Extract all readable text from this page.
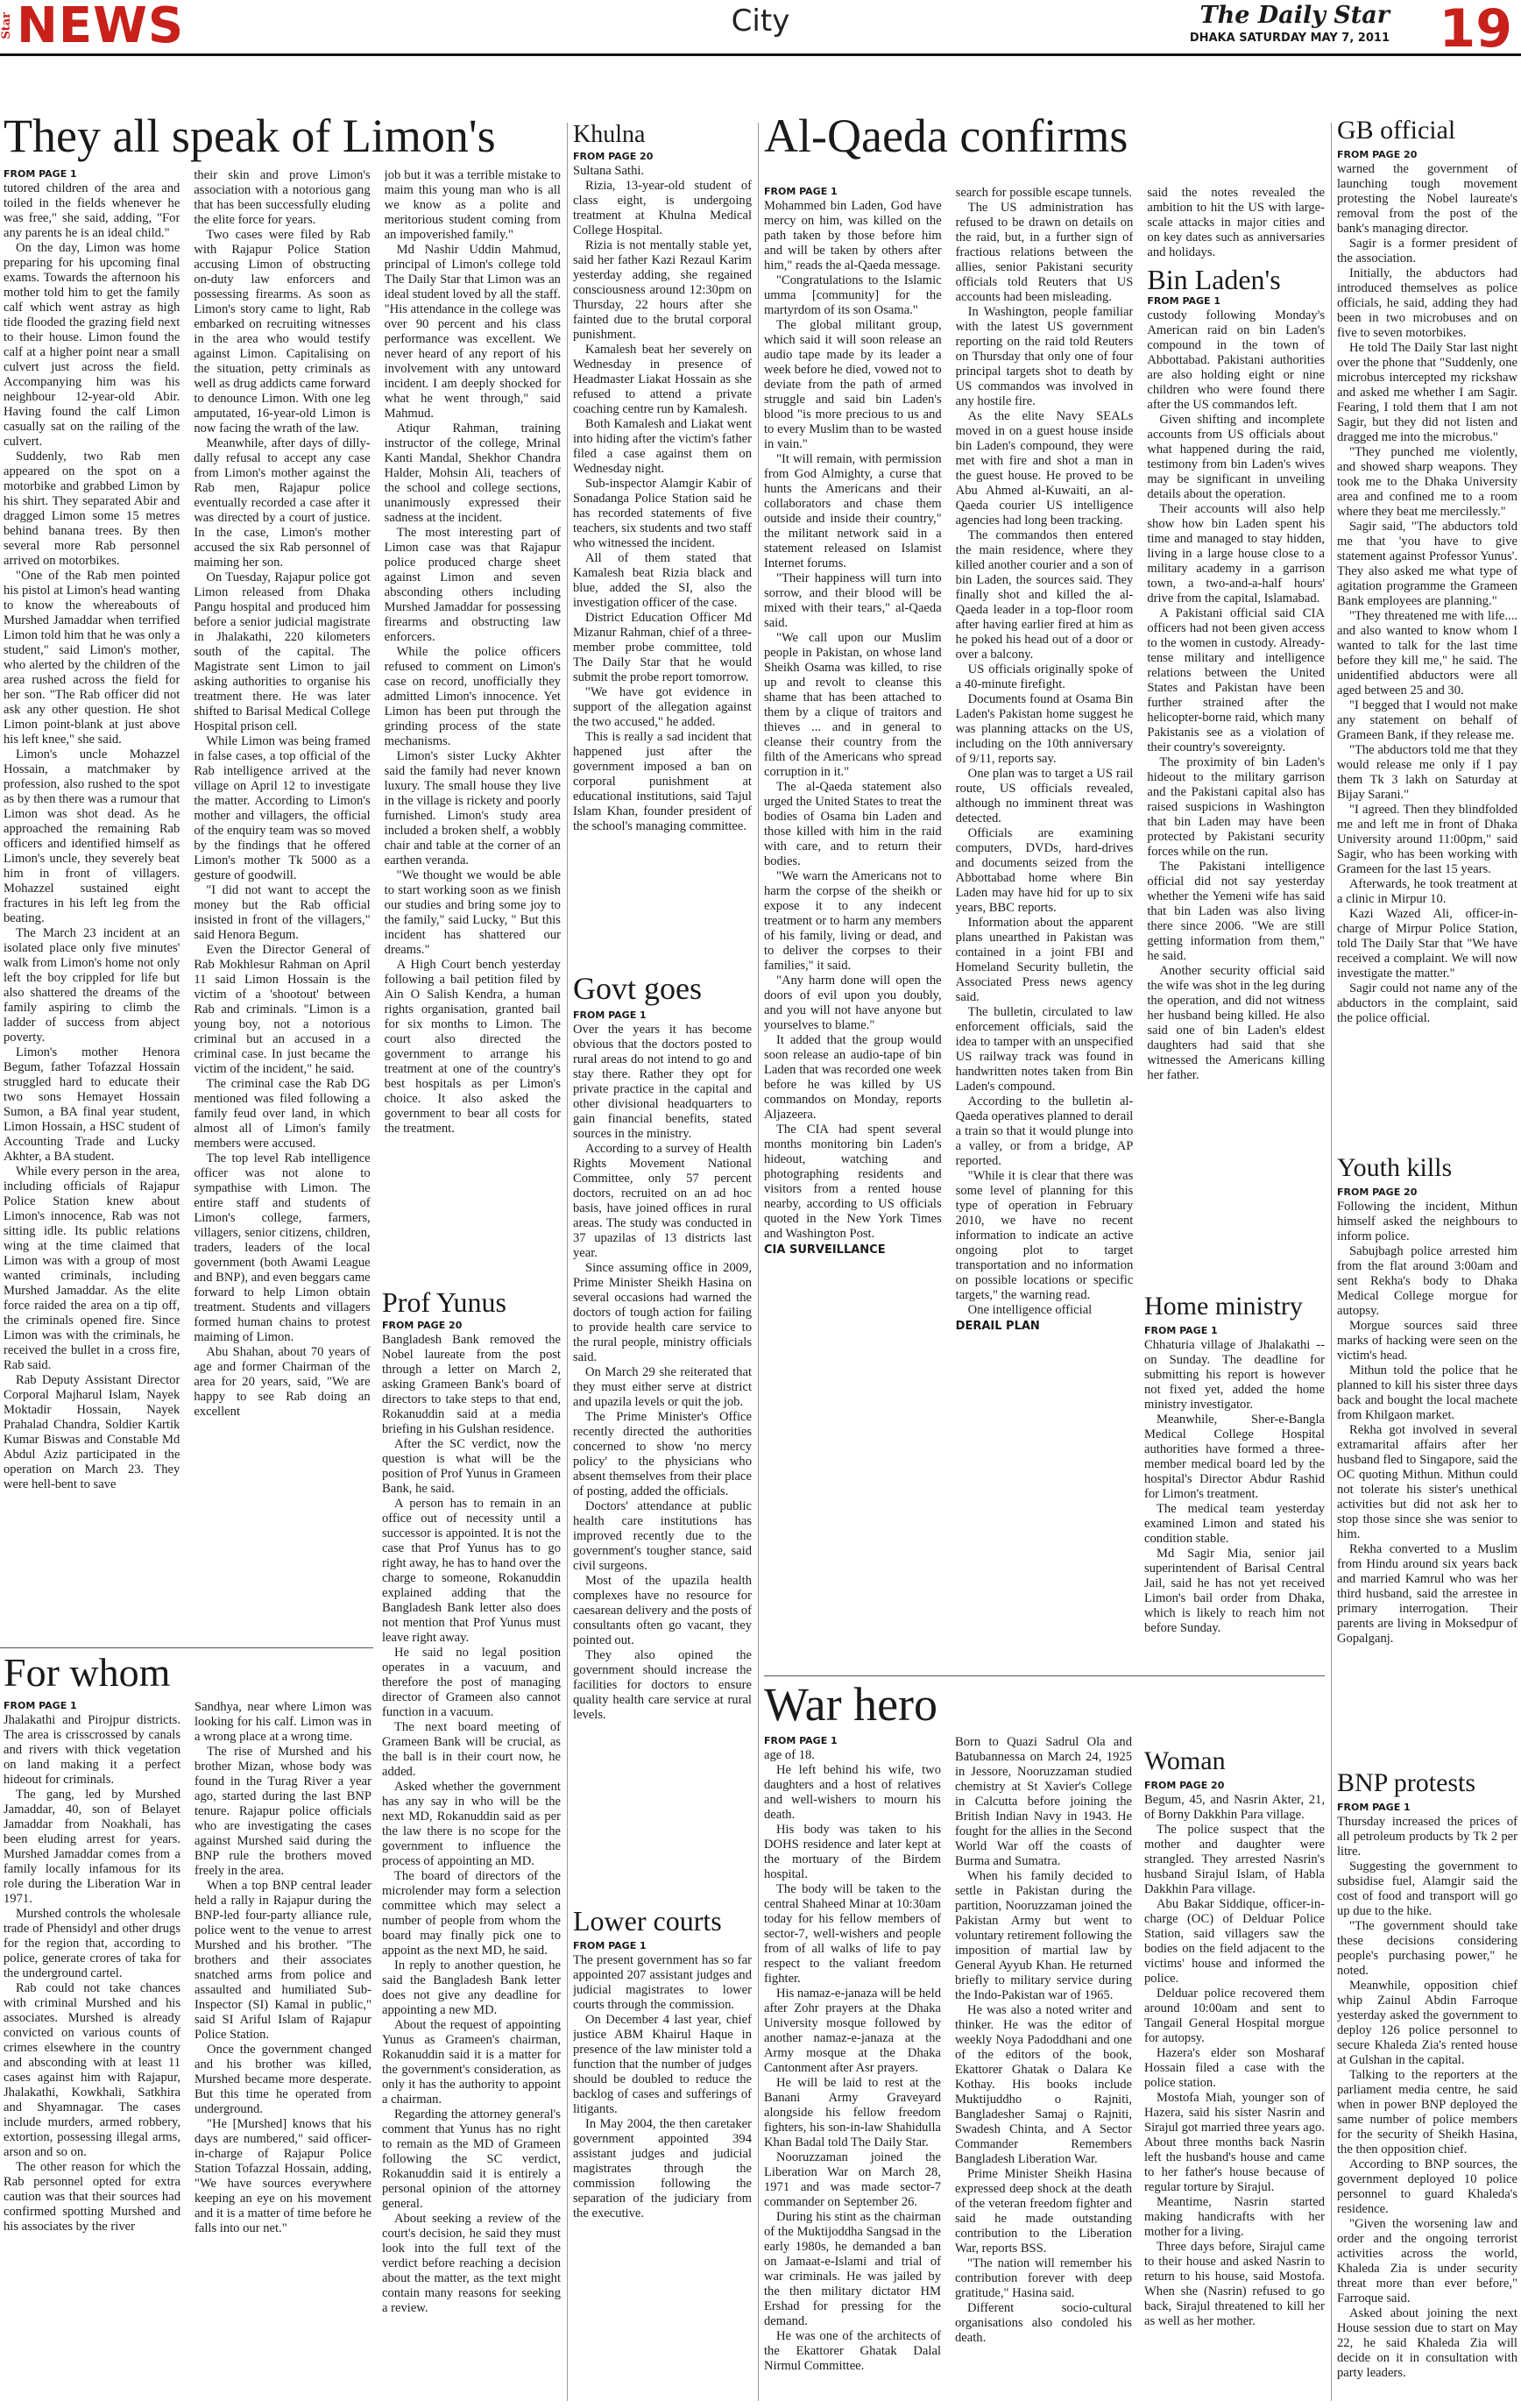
Star NEWS	City	The Daily Star
DHAKA SATURDAY MAY 7, 2011 19
They all speak of Limon's
FROM PAGE 1

tutored children of the area and toiled in the fields whenever he was free," she said, adding, "For any parents he is an ideal child."

On the day, Limon was home preparing for his upcoming final exams. Towards the afternoon his mother told him to get the family calf which went astray as high tide flooded the grazing field next to their house. Limon found the calf at a higher point near a small culvert just across the field. Accompanying him was his neighbour 12-year-old Abir. Having found the calf Limon casually sat on the railing of the culvert.

Suddenly, two Rab men appeared on the spot on a motorbike and grabbed Limon by his shirt. They separated Abir and dragged Limon some 15 metres behind banana trees. By then several more Rab personnel arrived on motorbikes.

"One of the Rab men pointed his pistol at Limon's head wanting to know the whereabouts of Murshed Jamaddar when terrified Limon told him that he was only a student," said Limon's mother, who alerted by the children of the area rushed across the field for her son. "The Rab officer did not ask any other question. He shot Limon point-blank at just above his left knee," she said.

Limon's uncle Mohazzel Hossain, a matchmaker by profession, also rushed to the spot as by then there was a rumour that Limon was shot dead. As he approached the remaining Rab officers and identified himself as Limon's uncle, they severely beat him in front of villagers. Mohazzel sustained eight fractures in his left leg from the beating.

The March 23 incident at an isolated place only five minutes' walk from Limon's home not only left the boy crippled for life but also shattered the dreams of the family aspiring to climb the ladder of success from abject poverty.

Limon's mother Henora Begum, father Tofazzal Hossain struggled hard to educate their two sons Hemayet Hossain Sumon, a BA final year student, Limon Hossain, a HSC student of Accounting Trade and Lucky Akhter, a BA student.

While every person in the area, including officials of Rajapur Police Station knew about Limon's innocence, Rab was not sitting idle. Its public relations wing at the time claimed that Limon was with a group of most wanted criminals, including Murshed Jamaddar. As the elite force raided the area on a tip off, the criminals opened fire. Since Limon was with the criminals, he received the bullet in a cross fire, Rab said.

Rab Deputy Assistant Director Corporal Majharul Islam, Nayek Moktadir Hossain, Nayek Prahalad Chandra, Soldier Kartik Kumar Biswas and Constable Md Abdul Aziz participated in the operation on March 23. They were hell-bent to save

their skin and prove Limon's association with a notorious gang that has been successfully eluding the elite force for years.

Two cases were filed by Rab with Rajapur Police Station accusing Limon of obstructing on-duty law enforcers and possessing firearms. As soon as Limon's story came to light, Rab embarked on recruiting witnesses in the area who would testify against Limon. Capitalising on the situation, petty criminals as well as drug addicts came forward to denounce Limon. With one leg amputated, 16-year-old Limon is now facing the wrath of the law.

Meanwhile, after days of dilly-dally refusal to accept any case from Limon's mother against the Rab men, Rajapur police eventually recorded a case after it was directed by a court of justice. In the case, Limon's mother accused the six Rab personnel of maiming her son.

On Tuesday, Rajapur police got Limon released from Dhaka Pangu hospital and produced him before a senior judicial magistrate in Jhalakathi, 220 kilometers south of the capital. The Magistrate sent Limon to jail asking authorities to organise his treatment there. He was later shifted to Barisal Medical College Hospital prison cell.

While Limon was being framed in false cases, a top official of the Rab intelligence arrived at the village on April 12 to investigate the matter. According to Limon's mother and villagers, the official of the enquiry team was so moved by the findings that he offered Limon's mother Tk 5000 as a gesture of goodwill.

"I did not want to accept the money but the Rab official insisted in front of the villagers," said Henora Begum.

Even the Director General of Rab Mokhlesur Rahman on April 11 said Limon Hossain is the victim of a 'shootout' between Rab and criminals. "Limon is a young boy, not a notorious criminal but an accused in a criminal case. In just became the victim of the incident," he said.

The criminal case the Rab DG mentioned was filed following a family feud over land, in which almost all of Limon's family members were accused.

The top level Rab intelligence officer was not alone to sympathise with Limon. The entire staff and students of Limon's college, farmers, villagers, senior citizens, children, traders, leaders of the local government (both Awami League and BNP), and even beggars came forward to help Limon obtain treatment. Students and villagers formed human chains to protest maiming of Limon.

Abu Shahan, about 70 years of age and former Chairman of the area for 20 years, said, "We are happy to see Rab doing an excellent

job but it was a terrible mistake to maim this young man who is all we know as a polite and meritorious student coming from an impoverished family."

Md Nashir Uddin Mahmud, principal of Limon's college told The Daily Star that Limon was an ideal student loved by all the staff. "His attendance in the college was over 90 percent and his class performance was excellent. We never heard of any report of his involvement with any untoward incident. I am deeply shocked for what he went through," said Mahmud.

Atiqur Rahman, training instructor of the college, Mrinal Kanti Mandal, Shekhor Chandra Halder, Mohsin Ali, teachers of the school and college sections, unanimously expressed their sadness at the incident.

The most interesting part of Limon case was that Rajapur police produced charge sheet against Limon and seven absconding others including Murshed Jamaddar for possessing firearms and obstructing law enforcers.

While the police officers refused to comment on Limon's case on record, unofficially they admitted Limon's innocence. Yet Limon has been put through the grinding process of the state mechanisms.

Limon's sister Lucky Akhter said the family had never known luxury. The small house they live in the village is rickety and poorly furnished. Limon's study area included a broken shelf, a wobbly chair and table at the corner of an earthen veranda.

"We thought we would be able to start working soon as we finish our studies and bring some joy to the family," said Lucky, " But this incident has shattered our dreams."

A High Court bench yesterday following a bail petition filed by Ain O Salish Kendra, a human rights organisation, granted bail for six months to Limon. The court also directed the government to arrange his treatment at one of the country's best hospitals as per Limon's choice. It also asked the government to bear all costs for the treatment.

Prof Yunus
FROM PAGE 20

Bangladesh Bank removed the Nobel laureate from the post through a letter on March 2, asking Grameen Bank's board of directors to take steps to that end, Rokanuddin said at a media briefing in his Gulshan residence.

After the SC verdict, now the question is what will be the position of Prof Yunus in Grameen Bank, he said.

A person has to remain in an office out of necessity until a successor is appointed. It is not the case that Prof Yunus has to go right away, he has to hand over the charge to someone, Rokanuddin explained adding that the Bangladesh Bank letter also does not mention that Prof Yunus must leave right away.

He said no legal position operates in a vacuum, and therefore the post of managing director of Grameen also cannot function in a vacuum.

The next board meeting of Grameen Bank will be crucial, as the ball is in their court now, he added.

Asked whether the government has any say in who will be the next MD, Rokanuddin said as per the law there is no scope for the government to influence the process of appointing an MD.

The board of directors of the microlender may form a selection committee which may select a number of people from whom the board may finally pick one to appoint as the next MD, he said.

In reply to another question, he said the Bangladesh Bank letter does not give any deadline for appointing a new MD.

About the request of appointing Yunus as Grameen's chairman, Rokanuddin said it is a matter for the government's consideration, as only it has the authority to appoint a chairman.

Regarding the attorney general's comment that Yunus has no right to remain as the MD of Grameen following the SC verdict, Rokanuddin said it is entirely a personal opinion of the attorney general.

About seeking a review of the court's decision, he said they must look into the full text of the verdict before reaching a decision about the matter, as the text might contain many reasons for seeking a review.

For whom
FROM PAGE 1

Jhalakathi and Pirojpur districts. The area is crisscrossed by canals and rivers with thick vegetation on land making it a perfect hideout for criminals.

The gang, led by Murshed Jamaddar, 40, son of Belayet Jamaddar from Noakhali, has been eluding arrest for years. Murshed Jamaddar comes from a family locally infamous for its role during the Liberation War in 1971.

Murshed controls the wholesale trade of Phensidyl and other drugs for the region that, according to police, generate crores of taka for the underground cartel.

Rab could not take chances with criminal Murshed and his associates. Murshed is already convicted on various counts of crimes elsewhere in the country and absconding with at least 11 cases against him with Rajapur, Jhalakathi, Kowkhali, Satkhira and Shyamnagar. The cases include murders, armed robbery, extortion, possessing illegal arms, arson and so on.

The other reason for which the Rab personnel opted for extra caution was that their sources had confirmed spotting Murshed and his associates by the river

Sandhya, near where Limon was looking for his calf. Limon was in a wrong place at a wrong time.

The rise of Murshed and his brother Mizan, whose body was found in the Turag River a year ago, started during the last BNP tenure. Rajapur police officials who are investigating the cases against Murshed said during the BNP rule the brothers moved freely in the area.

When a top BNP central leader held a rally in Rajapur during the BNP-led four-party alliance rule, police went to the venue to arrest Murshed and his brother. "The brothers and their associates snatched arms from police and assaulted and humiliated Sub-Inspector (SI) Kamal in public," said SI Ariful Islam of Rajapur Police Station.

Once the government changed and his brother was killed, Murshed became more desperate. But this time he operated from underground.

"He [Murshed] knows that his days are numbered," said officer-in-charge of Rajapur Police Station Tofazzal Hossain, adding, "We have sources everywhere keeping an eye on his movement and it is a matter of time before he falls into our net."

Khulna
FROM PAGE 20

Sultana Sathi.

Rizia, 13-year-old student of class eight, is undergoing treatment at Khulna Medical College Hospital.

Rizia is not mentally stable yet, said her father Kazi Rezaul Karim yesterday adding, she regained consciousness around 12:30pm on Thursday, 22 hours after she fainted due to the brutal corporal punishment.

Kamalesh beat her severely on Wednesday in presence of Headmaster Liakat Hossain as she refused to attend a private coaching centre run by Kamalesh.

Both Kamalesh and Liakat went into hiding after the victim's father filed a case against them on Wednesday night.

Sub-inspector Alamgir Kabir of Sonadanga Police Station said he has recorded statements of five teachers, six students and two staff who witnessed the incident.

All of them stated that Kamalesh beat Rizia black and blue, added the SI, also the investigation officer of the case.

District Education Officer Md Mizanur Rahman, chief of a three-member probe committee, told The Daily Star that he would submit the probe report tomorrow.

"We have got evidence in support of the allegation against the two accused," he added.

This is really a sad incident that happened just after the government imposed a ban on corporal punishment at educational institutions, said Tajul Islam Khan, founder president of the school's managing committee.

Govt goes
FROM PAGE 1

Over the years it has become obvious that the doctors posted to rural areas do not intend to go and stay there. Rather they opt for private practice in the capital and other divisional headquarters to gain financial benefits, stated sources in the ministry.

According to a survey of Health Rights Movement National Committee, only 57 percent doctors, recruited on an ad hoc basis, have joined offices in rural areas. The study was conducted in 37 upazilas of 13 districts last year.

Since assuming office in 2009, Prime Minister Sheikh Hasina on several occasions had warned the doctors of tough action for failing to provide health care service to the rural people, ministry officials said.

On March 29 she reiterated that they must either serve at district and upazila levels or quit the job.

The Prime Minister's Office recently directed the authorities concerned to show 'no mercy policy' to the physicians who absent themselves from their place of posting, added the officials.

Doctors' attendance at public health care institutions has improved recently due to the government's tougher stance, said civil surgeons.

Most of the upazila health complexes have no resource for caesarean delivery and the posts of consultants often go vacant, they pointed out.

They also opined the government should increase the facilities for doctors to ensure quality health care service at rural levels.

Lower courts
FROM PAGE 1

The present government has so far appointed 207 assistant judges and judicial magistrates to lower courts through the commission.

On December 4 last year, chief justice ABM Khairul Haque in presence of the law minister told a function that the number of judges should be doubled to reduce the backlog of cases and sufferings of litigants.

In May 2004, the then caretaker government appointed 394 assistant judges and judicial magistrates through the commission following the separation of the judiciary from the executive.

Al-Qaeda confirms
FROM PAGE 1

Mohammed bin Laden, God have mercy on him, was killed on the path taken by those before him and will be taken by others after him," reads the al-Qaeda message.

"Congratulations to the Islamic umma [community] for the martyrdom of its son Osama."

The global militant group, which said it will soon release an audio tape made by its leader a week before he died, vowed not to deviate from the path of armed struggle and said bin Laden's blood "is more precious to us and to every Muslim than to be wasted in vain."

"It will remain, with permission from God Almighty, a curse that hunts the Americans and their collaborators and chase them outside and inside their country," the militant network said in a statement released on Islamist Internet forums.

"Their happiness will turn into sorrow, and their blood will be mixed with their tears," al-Qaeda said.

"We call upon our Muslim people in Pakistan, on whose land Sheikh Osama was killed, to rise up and revolt to cleanse this shame that has been attached to them by a clique of traitors and thieves ... and in general to cleanse their country from the filth of the Americans who spread corruption in it."

The al-Qaeda statement also urged the United States to treat the bodies of Osama bin Laden and those killed with him in the raid with care, and to return their bodies.

"We warn the Americans not to harm the corpse of the sheikh or expose it to any indecent treatment or to harm any members of his family, living or dead, and to deliver the corpses to their families," it said.

"Any harm done will open the doors of evil upon you doubly, and you will not have anyone but yourselves to blame."

It added that the group would soon release an audio-tape of bin Laden that was recorded one week before he was killed by US commandos on Monday, reports Aljazeera.

The CIA had spent several months monitoring bin Laden's hideout, watching and photographing residents and visitors from a rented house nearby, according to US officials quoted in the New York Times and Washington Post.

CIA SURVEILLANCE

search for possible escape tunnels.

The US administration has refused to be drawn on details on the raid, but, in a further sign of fractious relations between the allies, senior Pakistani security officials told Reuters that US accounts had been misleading.

In Washington, people familiar with the latest US government reporting on the raid told Reuters on Thursday that only one of four principal targets shot to death by US commandos was involved in any hostile fire.

As the elite Navy SEALs moved in on a guest house inside bin Laden's compound, they were met with fire and shot a man in the guest house. He proved to be Abu Ahmed al-Kuwaiti, an al-Qaeda courier US intelligence agencies had long been tracking.

The commandos then entered the main residence, where they killed another courier and a son of bin Laden, the sources said. They finally shot and killed the al-Qaeda leader in a top-floor room after having earlier fired at him as he poked his head out of a door or over a balcony.

US officials originally spoke of a 40-minute firefight.

Documents found at Osama Bin Laden's Pakistan home suggest he was planning attacks on the US, including on the 10th anniversary of 9/11, reports say.

One plan was to target a US rail route, US officials revealed, although no imminent threat was detected.

Officials are examining computers, DVDs, hard-drives and documents seized from the Abbottabad home where Bin Laden may have hid for up to six years, BBC reports.

Information about the apparent plans unearthed in Pakistan was contained in a joint FBI and Homeland Security bulletin, the Associated Press news agency said.

The bulletin, circulated to law enforcement officials, said the idea to tamper with an unspecified US railway track was found in handwritten notes taken from Bin Laden's compound.

According to the bulletin al-Qaeda operatives planned to derail a train so that it would plunge into a valley, or from a bridge, AP reported.

"While it is clear that there was some level of planning for this type of operation in February 2010, we have no recent information to indicate an active ongoing plot to target transportation and no information on possible locations or specific targets," the warning read.

One intelligence official

DERAIL PLAN

said the notes revealed the ambition to hit the US with large-scale attacks in major cities and on key dates such as anniversaries and holidays.

Bin Laden's
FROM PAGE 1

custody following Monday's American raid on bin Laden's compound in the town of Abbottabad. Pakistani authorities are also holding eight or nine children who were found there after the US commandos left.

Given shifting and incomplete accounts from US officials about what happened during the raid, testimony from bin Laden's wives may be significant in unveiling details about the operation.

Their accounts will also help show how bin Laden spent his time and managed to stay hidden, living in a large house close to a military academy in a garrison town, a two-and-a-half hours' drive from the capital, Islamabad.

A Pakistani official said CIA officers had not been given access to the women in custody. Already-tense military and intelligence relations between the United States and Pakistan have been further strained after the helicopter-borne raid, which many Pakistanis see as a violation of their country's sovereignty.

The proximity of bin Laden's hideout to the military garrison and the Pakistani capital also has raised suspicions in Washington that bin Laden may have been protected by Pakistani security forces while on the run.

The Pakistani intelligence official did not say yesterday whether the Yemeni wife has said that bin Laden was also living there since 2006. "We are still getting information from them," he said.

Another security official said the wife was shot in the leg during the operation, and did not witness her husband being killed. He also said one of bin Laden's eldest daughters had said that she witnessed the Americans killing her father.

War hero
FROM PAGE 1

age of 18.

He left behind his wife, two daughters and a host of relatives and well-wishers to mourn his death.

His body was taken to his DOHS residence and later kept at the mortuary of the Birdem hospital.

The body will be taken to the central Shaheed Minar at 10:30am today for his fellow members of sector-7, well-wishers and people from of all walks of life to pay respect to the valiant freedom fighter.

His namaz-e-janaza will be held after Zohr prayers at the Dhaka University mosque followed by another namaz-e-janaza at the Army mosque at the Dhaka Cantonment after Asr prayers.

He will be laid to rest at the Banani Army Graveyard alongside his fellow freedom fighters, his son-in-law Shahidulla Khan Badal told The Daily Star.

Nooruzzaman joined the Liberation War on March 28, 1971 and was made sector-7 commander on September 26.

During his stint as the chairman of the Muktijoddha Sangsad in the early 1980s, he demanded a ban on Jamaat-e-Islami and trial of war criminals. He was jailed by the then military dictator HM Ershad for pressing for the demand.

He was one of the architects of the Ekattorer Ghatak Dalal Nirmul Committee.

Born to Quazi Sadrul Ola and Batubannessa on March 24, 1925 in Jessore, Nooruzzaman studied chemistry at St Xavier's College in Calcutta before joining the British Indian Navy in 1943. He fought for the allies in the Second World War off the coasts of Burma and Sumatra.

When his family decided to settle in Pakistan during the partition, Nooruzzaman joined the Pakistan Army but went to voluntary retirement following the imposition of martial law by General Ayyub Khan. He returned briefly to military service during the Indo-Pakistan war of 1965.

He was also a noted writer and thinker. He was the editor of weekly Noya Padoddhani and one of the editors of the book, Ekattorer Ghatak o Dalara Ke Kothay. His books include Muktijuddho o Rajniti, Bangladesher Samaj o Rajniti, Swadesh Chinta, and A Sector Commander Remembers Bangladesh Liberation War.

Prime Minister Sheikh Hasina expressed deep shock at the death of the veteran freedom fighter and said he made outstanding contribution to the Liberation War, reports BSS.

"The nation will remember his contribution forever with deep gratitude," Hasina said.

Different socio-cultural organisations also condoled his death.

Home ministry
FROM PAGE 1

Chhaturia village of Jhalakathi -- on Sunday. The deadline for submitting his report is however not fixed yet, added the home ministry investigator.

Meanwhile, Sher-e-Bangla Medical College Hospital authorities have formed a three-member medical board led by the hospital's Director Abdur Rashid for Limon's treatment.

The medical team yesterday examined Limon and stated his condition stable.

Md Sagir Mia, senior jail superintendent of Barisal Central Jail, said he has not yet received Limon's bail order from Dhaka, which is likely to reach him not before Sunday.

Woman
FROM PAGE 20

Begum, 45, and Nasrin Akter, 21, of Borny Dakkhin Para village.

The police suspect that the mother and daughter were strangled. They arrested Nasrin's husband Sirajul Islam, of Habla Dakkhin Para village.

Abu Bakar Siddique, officer-in-charge (OC) of Delduar Police Station, said villagers saw the bodies on the field adjacent to the victims' house and informed the police.

Delduar police recovered them around 10:00am and sent to Tangail General Hospital morgue for autopsy.

Hazera's elder son Mosharaf Hossain filed a case with the police station.

Mostofa Miah, younger son of Hazera, said his sister Nasrin and Sirajul got married three years ago. About three months back Nasrin left the husband's house and came to her father's house because of regular torture by Sirajul.

Meantime, Nasrin started making handicrafts with her mother for a living.

Three days before, Sirajul came to their house and asked Nasrin to return to his house, said Mostofa. When she (Nasrin) refused to go back, Sirajul threatened to kill her as well as her mother.

GB official
FROM PAGE 20

warned the government of launching tough movement protesting the Nobel laureate's removal from the post of the bank's managing director.

Sagir is a former president of the association.

Initially, the abductors had introduced themselves as police officials, he said, adding they had been in two microbuses and on five to seven motorbikes.

He told The Daily Star last night over the phone that "Suddenly, one microbus intercepted my rickshaw and asked me whether I am Sagir. Fearing, I told them that I am not Sagir, but they did not listen and dragged me into the microbus."

"They punched me violently, and showed sharp weapons. They took me to the Dhaka University area and confined me to a room where they beat me mercilessly."

Sagir said, "The abductors told me that 'you have to give statement against Professor Yunus'. They also asked me what type of agitation programme the Grameen Bank employees are planning."

"They threatened me with life.... and also wanted to know whom I wanted to talk for the last time before they kill me," he said. The unidentified abductors were all aged between 25 and 30.

"I begged that I would not make any statement on behalf of Grameen Bank, if they release me.

"The abductors told me that they would release me only if I pay them Tk 3 lakh on Saturday at Bijay Sarani."

"I agreed. Then they blindfolded me and left me in front of Dhaka University around 11:00pm," said Sagir, who has been working with Grameen for the last 15 years.

Afterwards, he took treatment at a clinic in Mirpur 10.

Kazi Wazed Ali, officer-in-charge of Mirpur Police Station, told The Daily Star that "We have received a complaint. We will now investigate the matter."

Sagir could not name any of the abductors in the complaint, said the police official.

Youth kills
FROM PAGE 20

Following the incident, Mithun himself asked the neighbours to inform police.

Sabujbagh police arrested him from the flat around 3:00am and sent Rekha's body to Dhaka Medical College morgue for autopsy.

Morgue sources said three marks of hacking were seen on the victim's head.

Mithun told the police that he planned to kill his sister three days back and bought the local machete from Khilgaon market.

Rekha got involved in several extramarital affairs after her husband fled to Singapore, said the OC quoting Mithun. Mithun could not tolerate his sister's unethical activities but did not ask her to stop those since she was senior to him.

Rekha converted to a Muslim from Hindu around six years back and married Kamrul who was her third husband, said the arrestee in primary interrogation. Their parents are living in Moksedpur of Gopalganj.

BNP protests
FROM PAGE 1

Thursday increased the prices of all petroleum products by Tk 2 per litre.

Suggesting the government to subsidise fuel, Alamgir said the cost of food and transport will go up due to the hike.

"The government should take these decisions considering people's purchasing power," he noted.

Meanwhile, opposition chief whip Zainul Abdin Farroque yesterday asked the government to deploy 126 police personnel to secure Khaleda Zia's rented house at Gulshan in the capital.

Talking to the reporters at the parliament media centre, he said when in power BNP deployed the same number of police members for the security of Sheikh Hasina, the then opposition chief.

According to BNP sources, the government deployed 10 police personnel to guard Khaleda's residence.

"Given the worsening law and order and the ongoing terrorist activities across the world, Khaleda Zia is under security threat more than ever before," Farroque said.

Asked about joining the next House session due to start on May 22, he said Khaleda Zia will decide on it in consultation with party leaders.
